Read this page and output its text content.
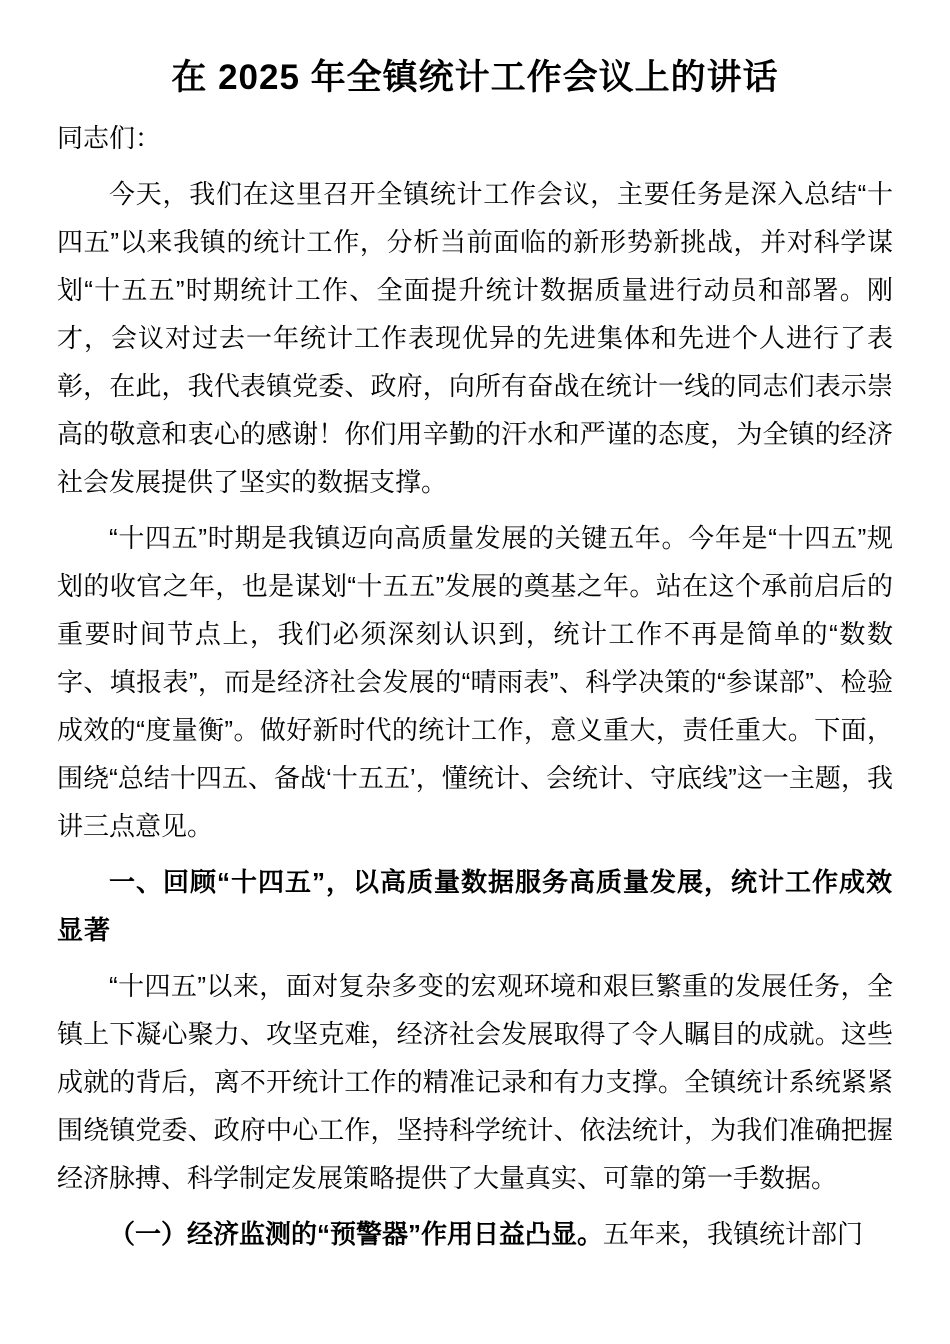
在 2025 年全镇统计工作会议上的讲话

同志们：

今天，我们在这里召开全镇统计工作会议，主要任务是深入总结“十四五”以来我镇的统计工作，分析当前面临的新形势新挑战，并对科学谋划“十五五”时期统计工作、全面提升统计数据质量进行动员和部署。刚才，会议对过去一年统计工作表现优异的先进集体和先进个人进行了表彰，在此，我代表镇党委、政府，向所有奋战在统计一线的同志们表示崇高的敬意和衷心的感谢！你们用辛勤的汗水和严谨的态度，为全镇的经济社会发展提供了坚实的数据支撑。

“十四五”时期是我镇迈向高质量发展的关键五年。今年是“十四五”规划的收官之年，也是谋划“十五五”发展的奠基之年。站在这个承前启后的重要时间节点上，我们必须深刻认识到，统计工作不再是简单的“数数字、填报表”，而是经济社会发展的“晴雨表”、科学决策的“参谋部”、检验成效的“度量衡”。做好新时代的统计工作，意义重大，责任重大。下面，围绕“总结十四五、备战‘十五五’，懂统计、会统计、守底线”这一主题，我讲三点意见。

一、回顾“十四五”，以高质量数据服务高质量发展，统计工作成效显著

“十四五”以来，面对复杂多变的宏观环境和艰巨繁重的发展任务，全镇上下凝心聚力、攻坚克难，经济社会发展取得了令人瞩目的成就。这些成就的背后，离不开统计工作的精准记录和有力支撑。全镇统计系统紧紧围绕镇党委、政府中心工作，坚持科学统计、依法统计，为我们准确把握经济脉搏、科学制定发展策略提供了大量真实、可靠的第一手数据。

（一）经济监测的“预警器”作用日益凸显。五年来，我镇统计部门
